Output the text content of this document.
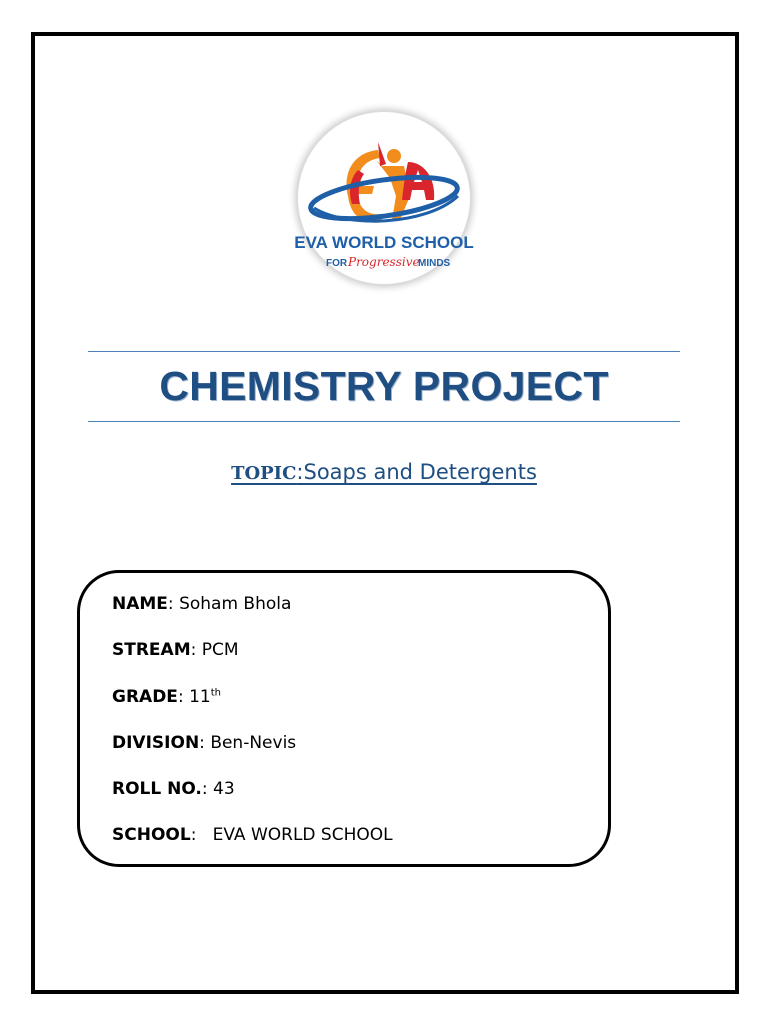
EVA WORLD SCHOOL
FOR Progressive
MINDS
CHEMISTRY PROJECT
TOPIC:Soaps and Detergents
NAME: Soham Bhola
STREAM: PCM
GRADE: 11th
DIVISION: Ben-Nevis
ROLL NO.: 43
SCHOOL:   EVA WORLD SCHOOL
